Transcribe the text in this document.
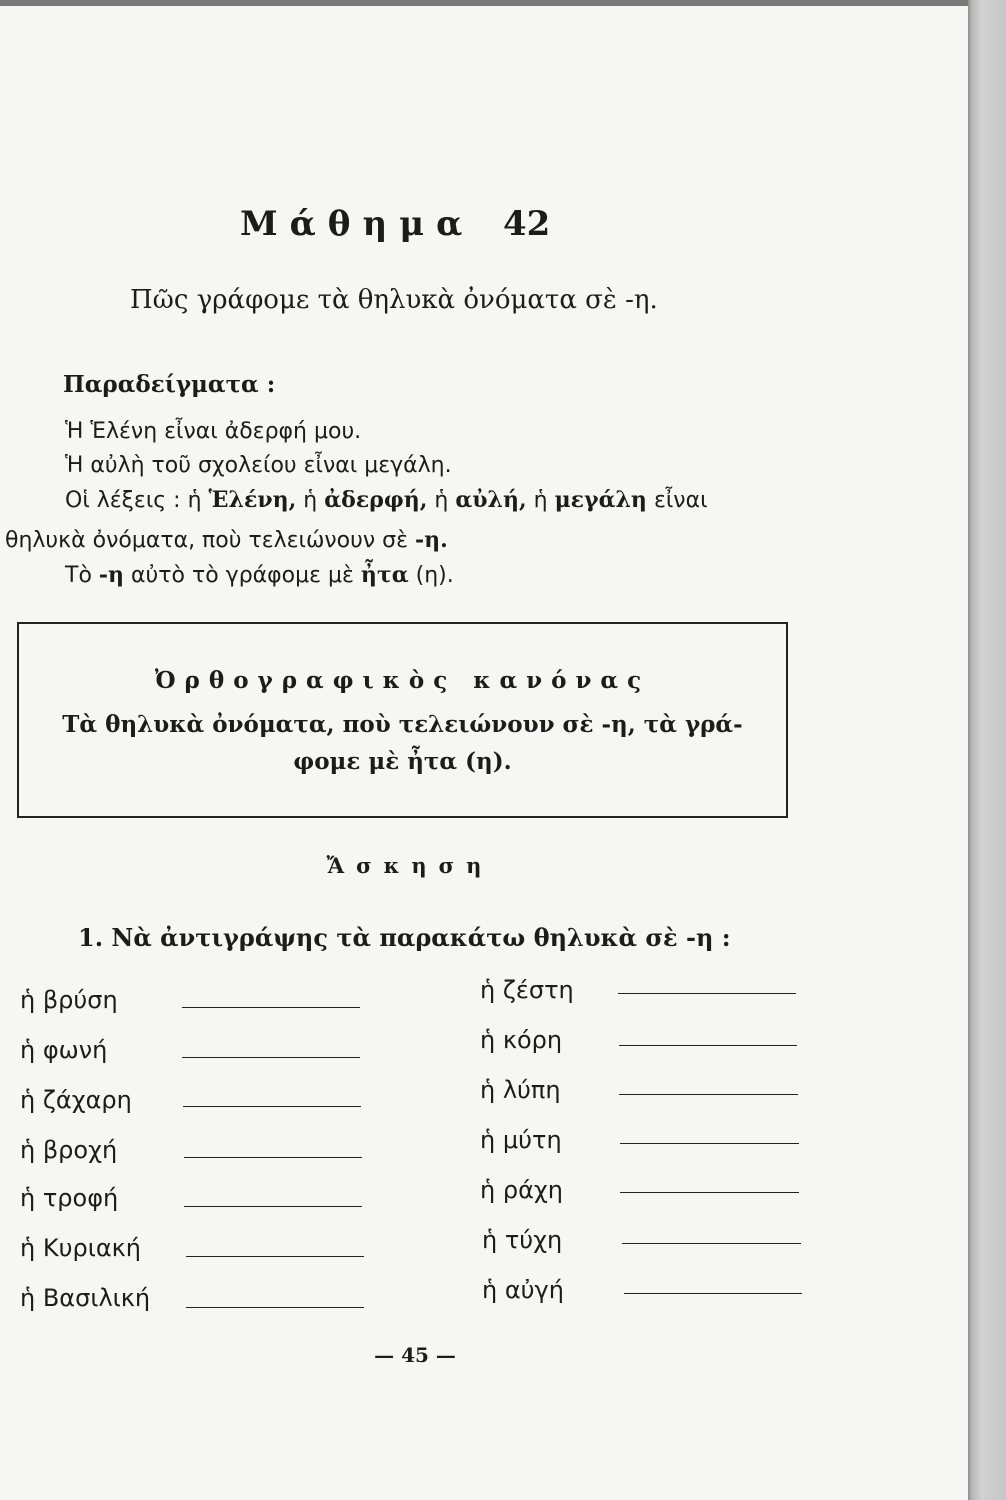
Μάθημα 42
Πῶς γράφομε τὰ θηλυκὰ ὀνόματα σὲ -η.
Παραδείγματα :
Ἡ Ἑλένη εἶναι ἀδερφή μου.
Ἡ αὐλὴ τοῦ σχολείου εἶναι μεγάλη.
Οἱ λέξεις : ἡ Ἑλένη, ἡ ἀδερφή, ἡ αὐλή, ἡ μεγάλη εἶναι
θηλυκὰ ὀνόματα, ποὺ τελειώνουν σὲ -η.
Τὸ -η αὐτὸ τὸ γράφομε μὲ ἦτα (η).
Ὀρθογραφικὸς κανόνας
Τὰ θηλυκὰ ὀνόματα, ποὺ τελειώνουν σὲ -η, τὰ γρά-
φομε μὲ ἦτα (η).
Ἄσκηση
1. Νὰ ἀντιγράψης τὰ παρακάτω θηλυκὰ σὲ -η :
ἡ βρύση
ἡ φωνή
ἡ ζάχαρη
ἡ βροχή
ἡ τροφή
ἡ Κυριακή
ἡ Βασιλική
ἡ ζέστη
ἡ κόρη
ἡ λύπη
ἡ μύτη
ἡ ράχη
ἡ τύχη
ἡ αὐγή
— 45 —
